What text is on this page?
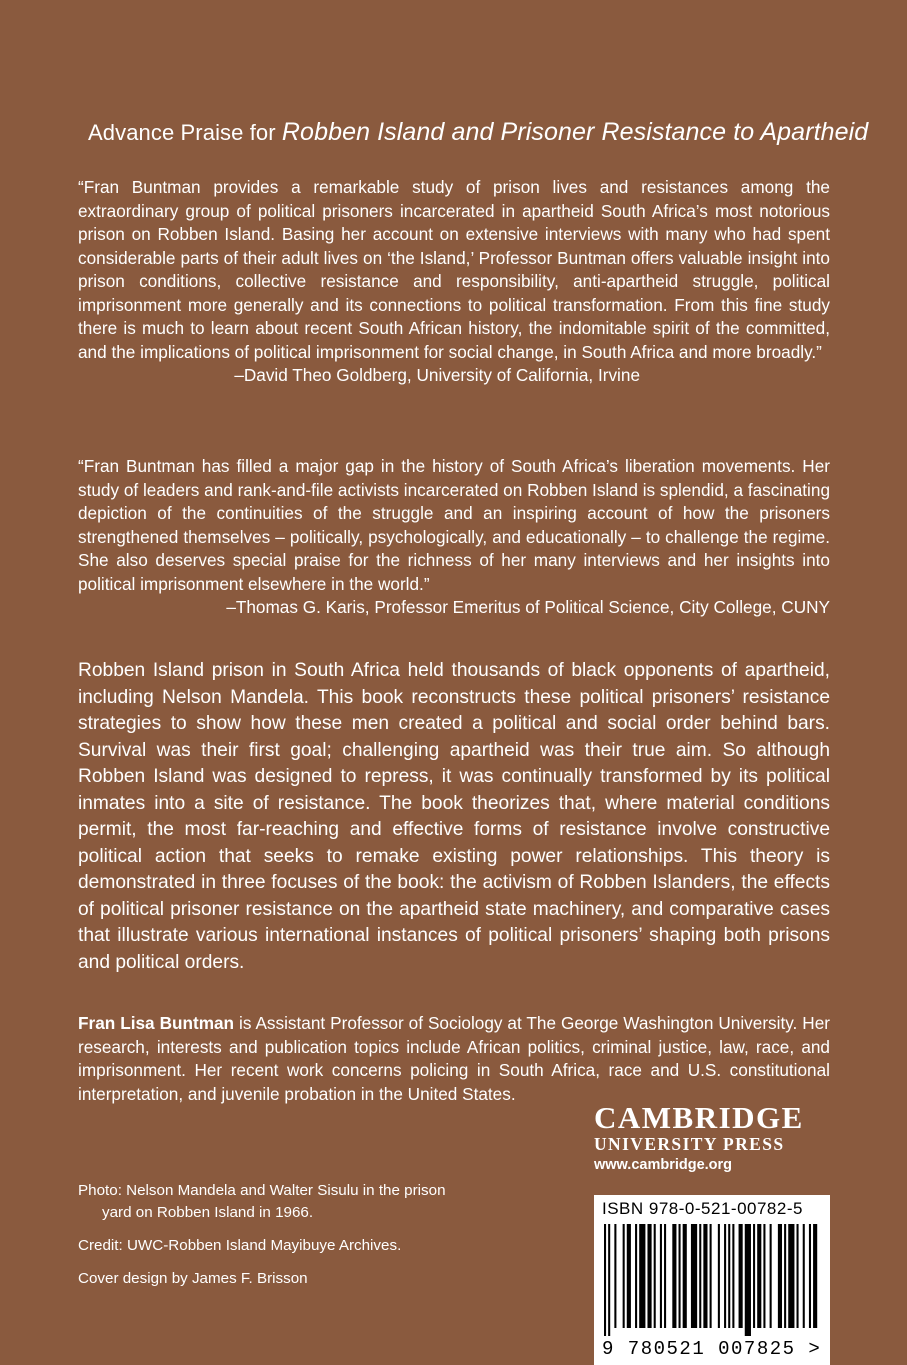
Advance Praise for Robben Island and Prisoner Resistance to Apartheid

“Fran Buntman provides a remarkable study of prison lives and resistances among the extraordinary group of political prisoners incarcerated in apartheid South Africa’s most notorious prison on Robben Island. Basing her account on extensive interviews with many who had spent considerable parts of their adult lives on ‘the Island,’ Professor Buntman offers valuable insight into prison conditions, collective resistance and responsibility, anti-apartheid struggle, political imprisonment more generally and its connections to political transformation. From this fine study there is much to learn about recent South African history, the indomitable spirit of the committed, and the implications of political imprisonment for social change, in South Africa and more broadly.”
–David Theo Goldberg, University of California, Irvine

“Fran Buntman has filled a major gap in the history of South Africa’s liberation movements. Her study of leaders and rank-and-file activists incarcerated on Robben Island is splendid, a fascinating depiction of the continuities of the struggle and an inspiring account of how the prisoners strengthened themselves – politically, psychologically, and educationally – to challenge the regime. She also deserves special praise for the richness of her many interviews and her insights into political imprisonment elsewhere in the world.”
–Thomas G. Karis, Professor Emeritus of Political Science, City College, CUNY

Robben Island prison in South Africa held thousands of black opponents of apartheid, including Nelson Mandela. This book reconstructs these political prisoners’ resistance strategies to show how these men created a political and social order behind bars. Survival was their first goal; challenging apartheid was their true aim. So although Robben Island was designed to repress, it was continually transformed by its political inmates into a site of resistance. The book theorizes that, where material conditions permit, the most far-reaching and effective forms of resistance involve constructive political action that seeks to remake existing power relationships. This theory is demonstrated in three focuses of the book: the activism of Robben Islanders, the effects of political prisoner resistance on the apartheid state machinery, and comparative cases that illustrate various international instances of political prisoners’ shaping both prisons and political orders.

Fran Lisa Buntman is Assistant Professor of Sociology at The George Washington University. Her research, interests and publication topics include African politics, criminal justice, law, race, and imprisonment. Her recent work concerns policing in South Africa, race and U.S. constitutional interpretation, and juvenile probation in the United States.

CAMBRIDGE
UNIVERSITY PRESS
www.cambridge.org
Photo: Nelson Mandela and Walter Sisulu in the prison
yard on Robben Island in 1966.
Credit: UWC-Robben Island Mayibuye Archives.
Cover design by James F. Brisson
ISBN 978-0-521-00782-5
9 780521 007825 >
